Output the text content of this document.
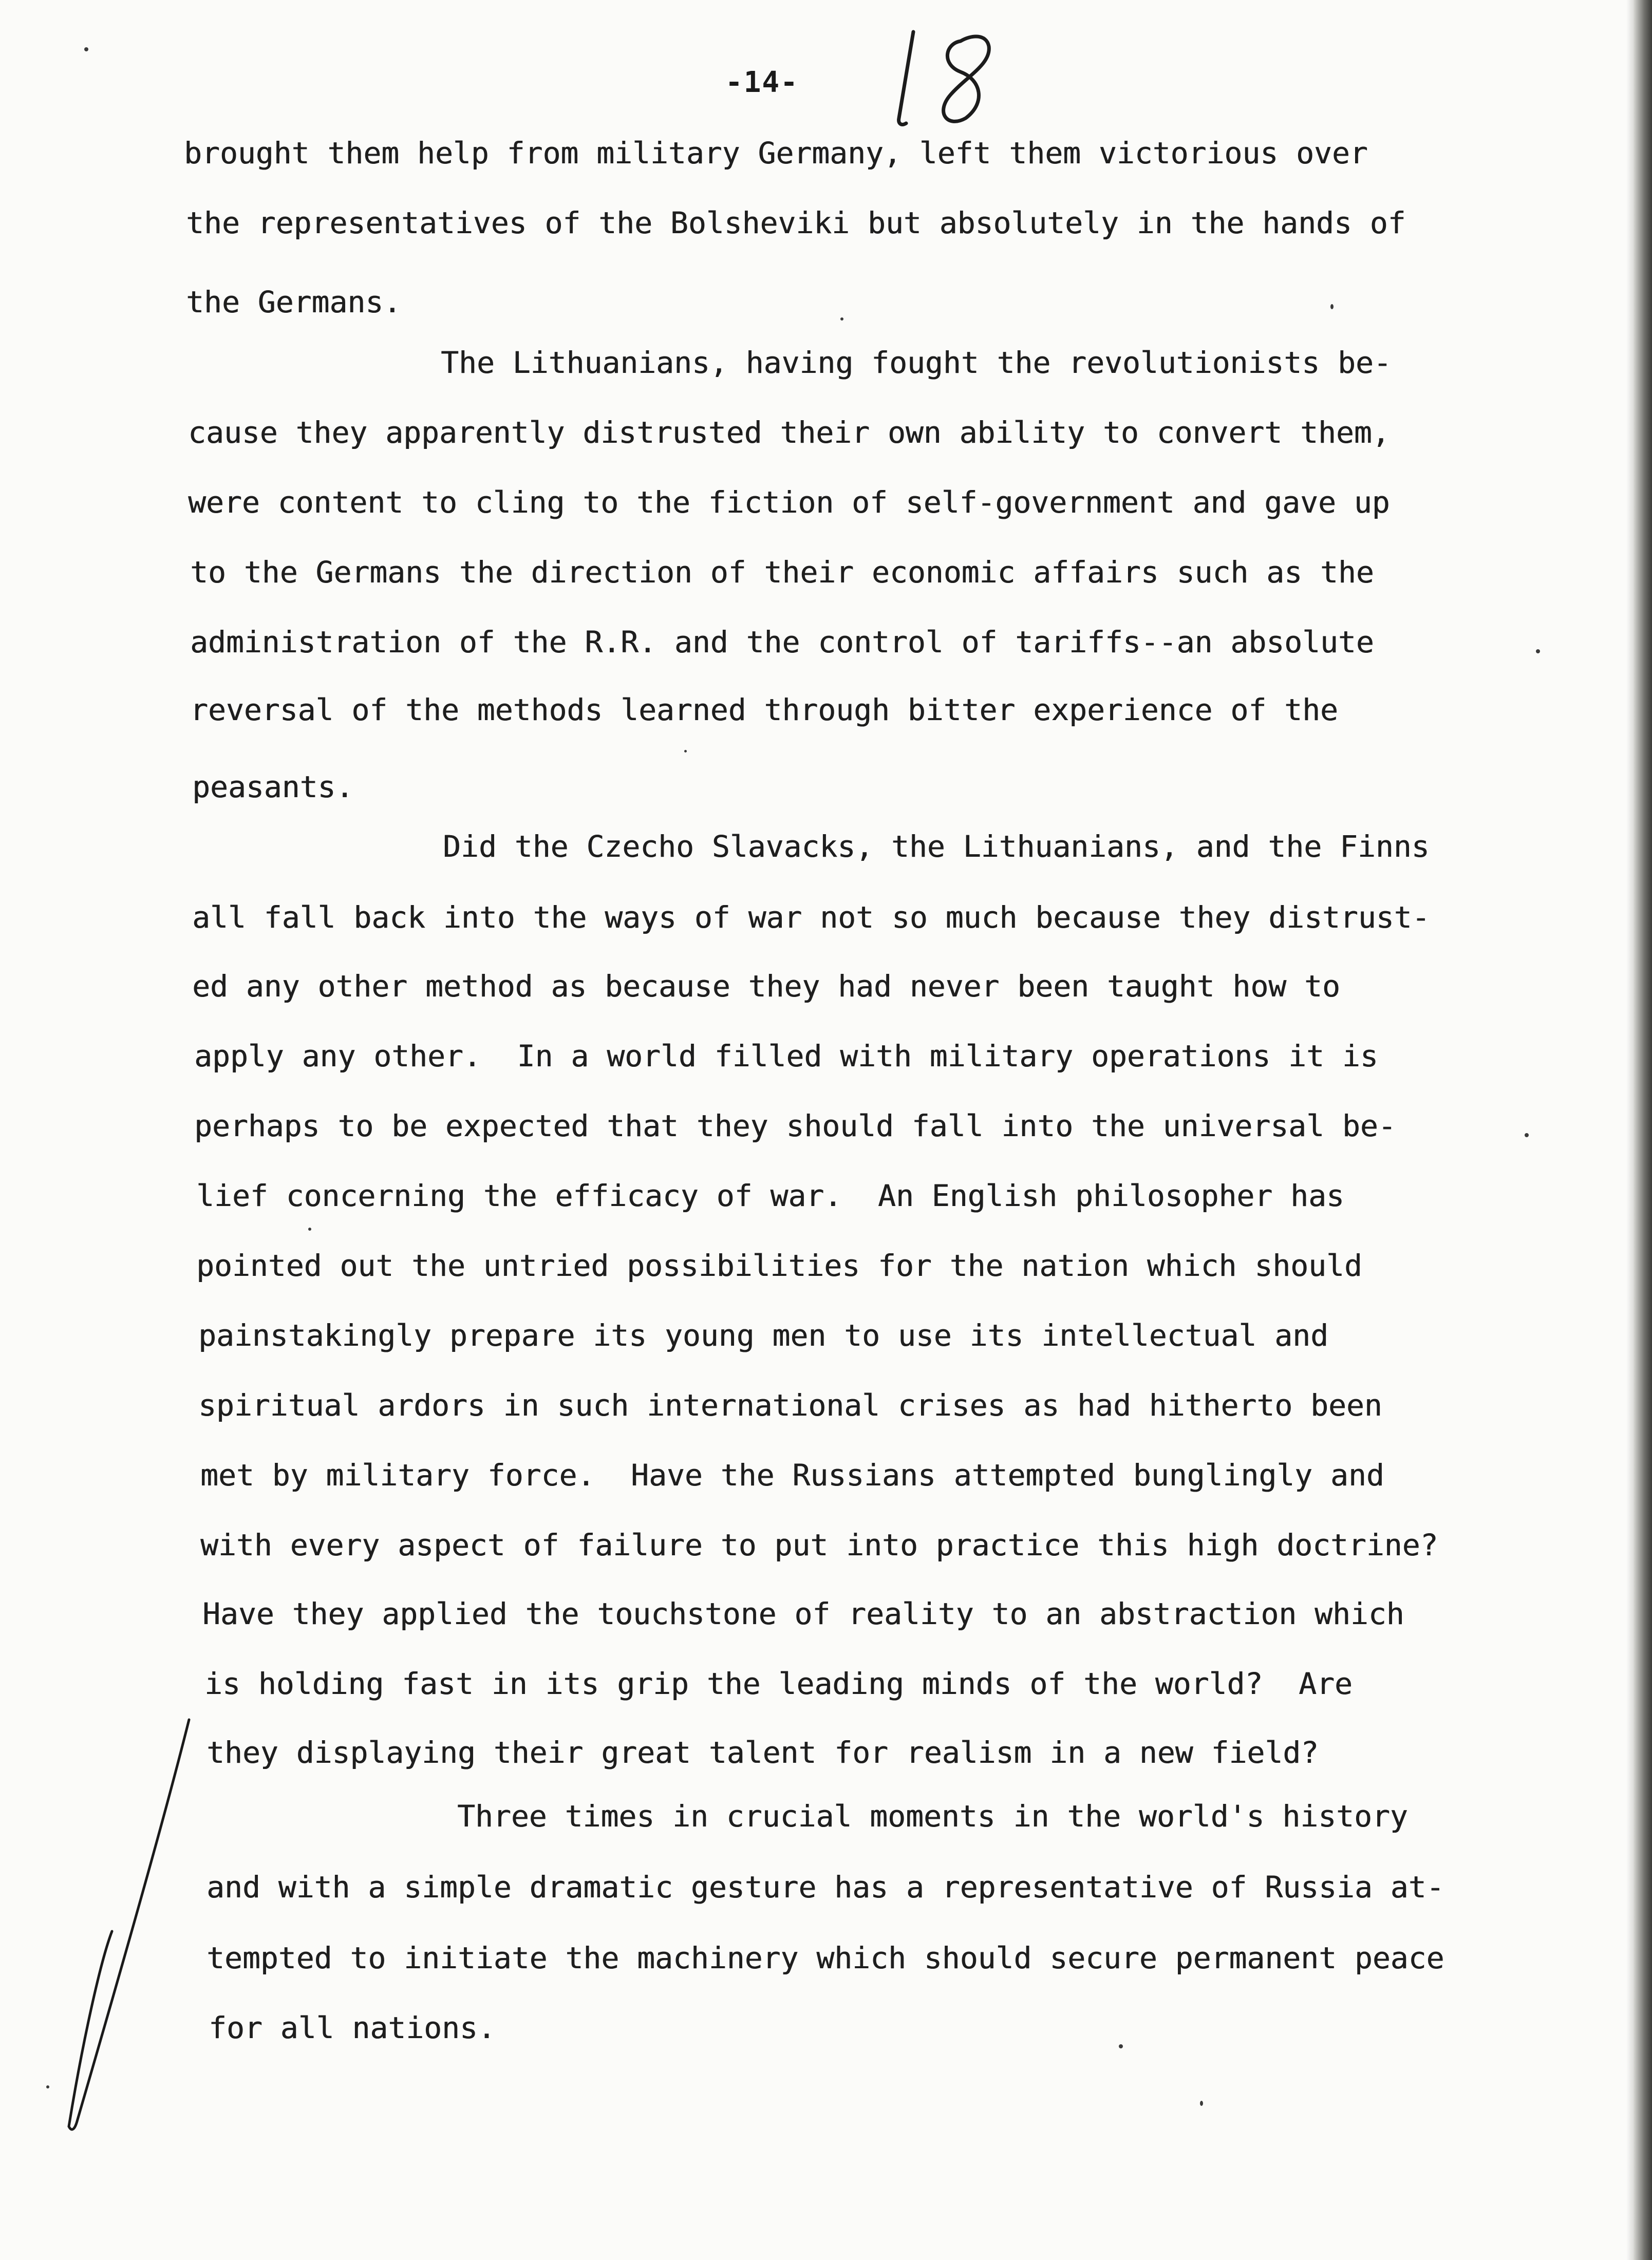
-14-

brought them help from military Germany, left them victorious over

the representatives of the Bolsheviki but absolutely in the hands of

the Germans.

The Lithuanians, having fought the revolutionists be-

cause they apparently distrusted their own ability to convert them,

were content to cling to the fiction of self-government and gave up

to the Germans the direction of their economic affairs such as the

administration of the R.R. and the control of tariffs--an absolute

reversal of the methods learned through bitter experience of the

peasants.

Did the Czecho Slavacks, the Lithuanians, and the Finns

all fall back into the ways of war not so much because they distrust-

ed any other method as because they had never been taught how to

apply any other.  In a world filled with military operations it is

perhaps to be expected that they should fall into the universal be-

lief concerning the efficacy of war.  An English philosopher has

pointed out the untried possibilities for the nation which should

painstakingly prepare its young men to use its intellectual and

spiritual ardors in such international crises as had hitherto been

met by military force.  Have the Russians attempted bunglingly and

with every aspect of failure to put into practice this high doctrine?

Have they applied the touchstone of reality to an abstraction which

is holding fast in its grip the leading minds of the world?  Are

they displaying their great talent for realism in a new field?

Three times in crucial moments in the world's history

and with a simple dramatic gesture has a representative of Russia at-

tempted to initiate the machinery which should secure permanent peace

for all nations.
